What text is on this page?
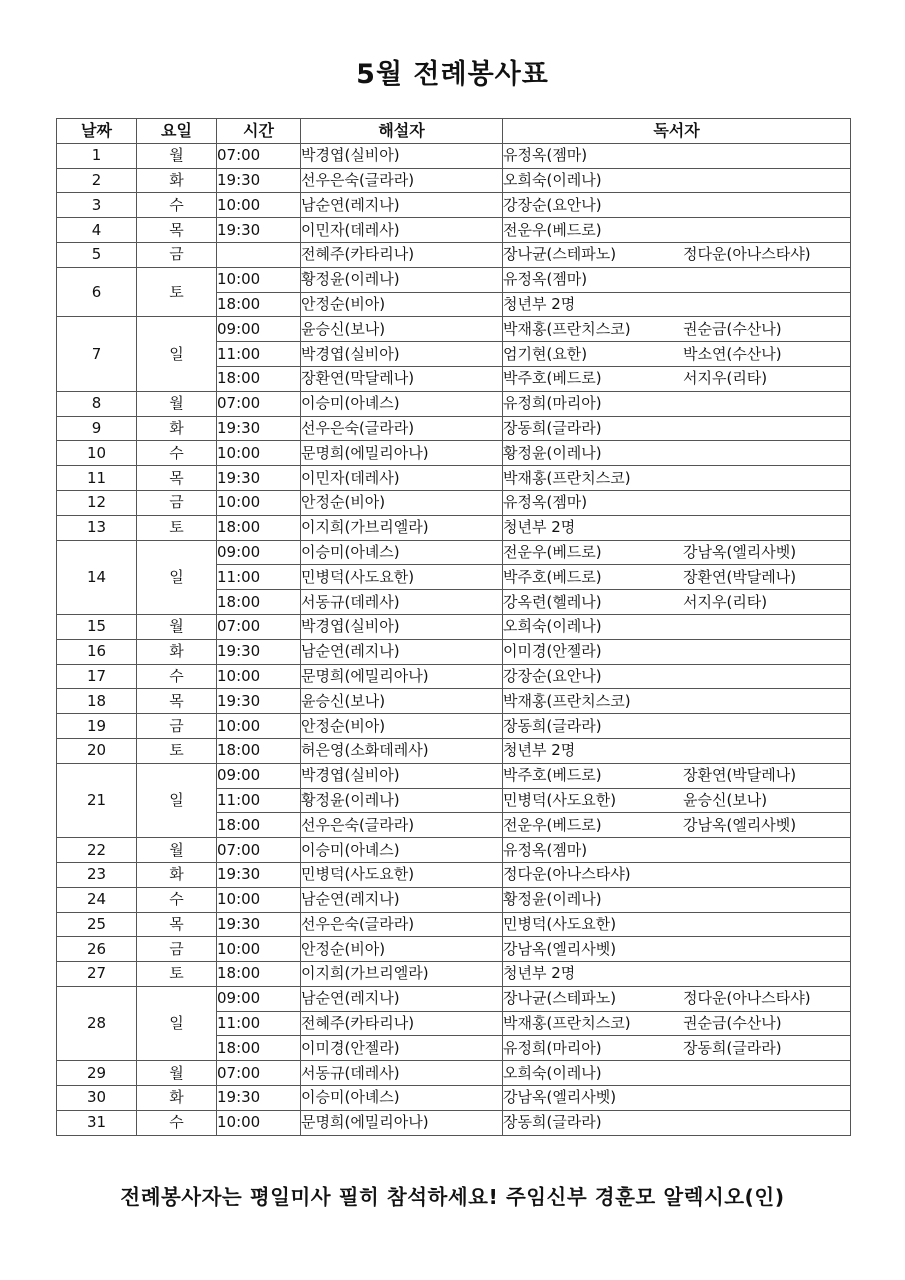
5월 전례봉사표
날짜	요일	시간	해설자	독서자
1	월	07:00	박경엽(실비아)	유정옥(젬마)
2	화	19:30	선우은숙(글라라)	오희숙(이레나)
3	수	10:00	남순연(레지나)	강장순(요안나)
4	목	19:30	이민자(데레사)	전운우(베드로)
5	금		전혜주(카타리나)	장나균(스테파노) 정다운(아나스타샤)
6	토	10:00	황정윤(이레나)	유정옥(젬마)
		18:00	안정순(비아)	청년부 2명
7	일	09:00	윤승신(보나)	박재홍(프란치스코) 권순금(수산나)
		11:00	박경엽(실비아)	엄기현(요한) 박소연(수산나)
		18:00	장환연(막달레나)	박주호(베드로) 서지우(리타)
8	월	07:00	이승미(아녜스)	유정희(마리아)
9	화	19:30	선우은숙(글라라)	장동희(글라라)
10	수	10:00	문명희(에밀리아나)	황정윤(이레나)
11	목	19:30	이민자(데레사)	박재홍(프란치스코)
12	금	10:00	안정순(비아)	유정옥(젬마)
13	토	18:00	이지희(가브리엘라)	청년부 2명
14	일	09:00	이승미(아녜스)	전운우(베드로) 강남옥(엘리사벳)
		11:00	민병덕(사도요한)	박주호(베드로) 장환연(박달레나)
		18:00	서동규(데레사)	강옥련(헬레나) 서지우(리타)
15	월	07:00	박경엽(실비아)	오희숙(이레나)
16	화	19:30	남순연(레지나)	이미경(안젤라)
17	수	10:00	문명희(에밀리아나)	강장순(요안나)
18	목	19:30	윤승신(보나)	박재홍(프란치스코)
19	금	10:00	안정순(비아)	장동희(글라라)
20	토	18:00	허은영(소화데레사)	청년부 2명
21	일	09:00	박경엽(실비아)	박주호(베드로) 장환연(박달레나)
		11:00	황정윤(이레나)	민병덕(사도요한) 윤승신(보나)
		18:00	선우은숙(글라라)	전운우(베드로) 강남옥(엘리사벳)
22	월	07:00	이승미(아녜스)	유정옥(젬마)
23	화	19:30	민병덕(사도요한)	정다운(아나스타샤)
24	수	10:00	남순연(레지나)	황정윤(이레나)
25	목	19:30	선우은숙(글라라)	민병덕(사도요한)
26	금	10:00	안정순(비아)	강남옥(엘리사벳)
27	토	18:00	이지희(가브리엘라)	청년부 2명
28	일	09:00	남순연(레지나)	장나균(스테파노) 정다운(아나스타샤)
		11:00	전혜주(카타리나)	박재홍(프란치스코) 권순금(수산나)
		18:00	이미경(안젤라)	유정희(마리아) 장동희(글라라)
29	월	07:00	서동규(데레사)	오희숙(이레나)
30	화	19:30	이승미(아녜스)	강남옥(엘리사벳)
31	수	10:00	문명희(에밀리아나)	장동희(글라라)
전례봉사자는 평일미사 필히 참석하세요! 주임신부 경훈모 알렉시오(인)
